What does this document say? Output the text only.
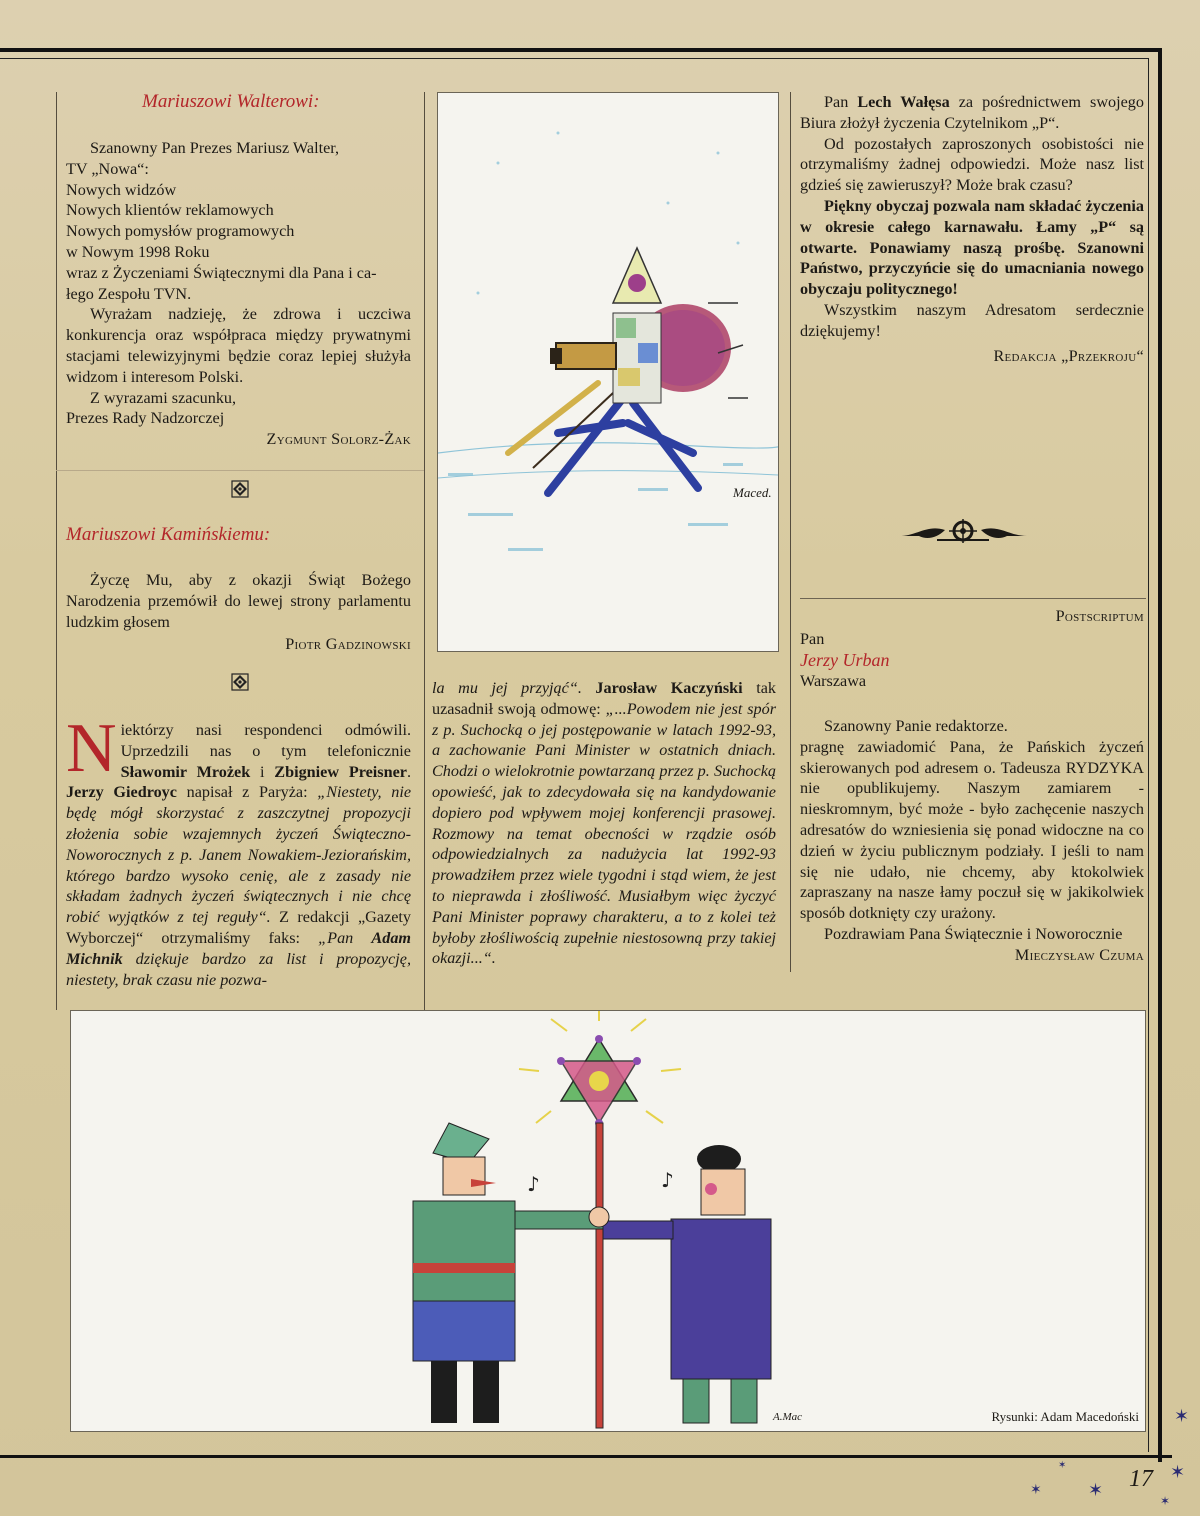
Mariuszowi Walterowi:

Szanowny Pan Prezes Mariusz Walter,

TV „Nowa“:

Nowych widzów

Nowych klientów reklamowych

Nowych pomysłów programowych

w Nowym 1998 Roku

wraz z Życzeniami Świątecznymi dla Pana i ca-

łego Zespołu TVN.

Wyrażam nadzieję, że zdrowa i uczciwa konkurencja oraz współpraca między prywatnymi stacjami telewizyjnymi będzie coraz lepiej służyła widzom i interesom Polski.

Z wyrazami szacunku,

Prezes Rady Nadzorczej

Zygmunt Solorz-Żak

Mariuszowi Kamińskiemu:

Życzę Mu, aby z okazji Świąt Bożego Narodzenia przemówił do lewej strony parlamentu ludzkim głosem

Piotr Gadzinowski

Niektórzy nasi respondenci odmówili. Uprzedzili nas o tym telefonicznie Sławomir Mrożek i Zbigniew Preisner. Jerzy Giedroyc napisał z Paryża: „Niestety, nie będę mógł skorzystać z zaszczytnej propozycji złożenia sobie wzajemnych życzeń Świąteczno-Noworocznych z p. Janem Nowakiem-Jeziorańskim, którego bardzo wysoko cenię, ale z zasady nie składam żadnych życzeń świątecznych i nie chcę robić wyjątków z tej reguły“. Z redakcji „Gazety Wyborczej“ otrzymaliśmy faks: „Pan Adam Michnik dziękuje bardzo za list i propozycję, niestety, brak czasu nie pozwa-
Maced.
la mu jej przyjąć“. Jarosław Kaczyński tak uzasadnił swoją odmowę: „...Powodem nie jest spór z p. Suchocką o jej postępowanie w latach 1992-93, a zachowanie Pani Minister w ostatnich dniach. Chodzi o wielokrotnie powtarzaną przez p. Suchocką opowieść, jak to zdecydowała się na kandydowanie dopiero pod wpływem mojej konferencji prasowej. Rozmowy na temat obecności w rządzie osób odpowiedzialnych za nadużycia lat 1992-93 prowadziłem przez wiele tygodni i stąd wiem, że jest to nieprawda i złośliwość. Musiałbym więc życzyć Pani Minister poprawy charakteru, a to z kolei też byłoby złośliwością zupełnie niestosowną przy takiej okazji...“.

Pan Lech Wałęsa za pośrednictwem swojego Biura złożył życzenia Czytelnikom „P“.

Od pozostałych zaproszonych osobistości nie otrzymaliśmy żadnej odpowiedzi. Może nasz list gdzieś się zawieruszył? Może brak czasu?

Piękny obyczaj pozwala nam składać życzenia w okresie całego karnawału. Łamy „P“ są otwarte. Ponawiamy naszą prośbę. Szanowni Państwo, przyczyńcie się do umacniania nowego obyczaju politycznego!

Wszystkim naszym Adresatom serdecznie dziękujemy!

Redakcja „Przekroju“

Postscriptum

Pan

Jerzy Urban

Warszawa

Szanowny Panie redaktorze.

pragnę zawiadomić Pana, że Pańskich życzeń skierowanych pod adresem o. Tadeusza RYDZYKA nie opublikujemy. Naszym zamiarem - nieskromnym, być może - było zachęcenie naszych adresatów do wzniesienia się ponad widoczne na co dzień w życiu publicznym podziały. I jeśli to nam się nie udało, nie chcemy, aby ktokolwiek zapraszany na nasze łamy poczuł się w jakikolwiek sposób dotknięty czy urażony.

Pozdrawiam Pana Świątecznie i Noworocznie

Mieczysław Czuma

♪	♪
A.Mac	Rysunki: Adam Macedoński
17 ✶
✶
✶
✶
✶
✶
